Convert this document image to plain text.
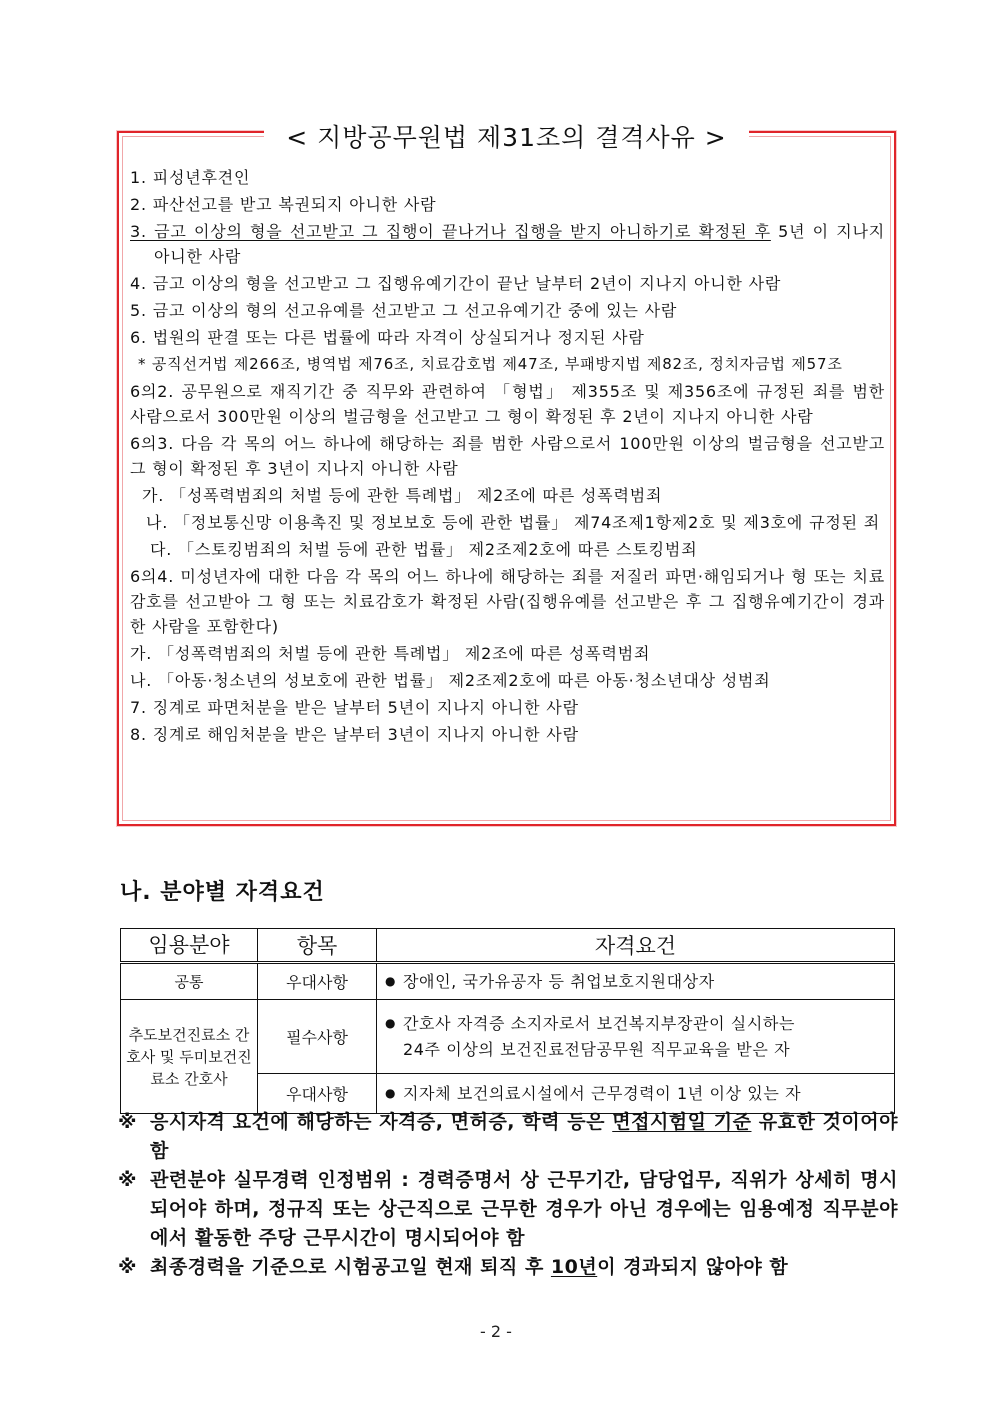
< 지방공무원법 제31조의 결격사유 >
1. 피성년후견인
2. 파산선고를 받고 복권되지 아니한 사람
3. 금고 이상의 형을 선고받고 그 집행이 끝나거나 집행을 받지 아니하기로 확정된 후 5년 이 지나지 아니한 사람
4. 금고 이상의 형을 선고받고 그 집행유예기간이 끝난 날부터 2년이 지나지 아니한 사람
5. 금고 이상의 형의 선고유예를 선고받고 그 선고유예기간 중에 있는 사람
6. 법원의 판결 또는 다른 법률에 따라 자격이 상실되거나 정지된 사람
* 공직선거법 제266조, 병역법 제76조, 치료감호법 제47조, 부패방지법 제82조, 정치자금법 제57조
6의2. 공무원으로 재직기간 중 직무와 관련하여 「형법」 제355조 및 제356조에 규정된 죄를 범한 사람으로서 300만원 이상의 벌금형을 선고받고 그 형이 확정된 후 2년이 지나지 아니한 사람
6의3. 다음 각 목의 어느 하나에 해당하는 죄를 범한 사람으로서 100만원 이상의 벌금형을 선고받고 그 형이 확정된 후 3년이 지나지 아니한 사람
가. 「성폭력범죄의 처벌 등에 관한 특례법」 제2조에 따른 성폭력범죄
나. 「정보통신망 이용촉진 및 정보보호 등에 관한 법률」 제74조제1항제2호 및 제3호에 규정된 죄
다. 「스토킹범죄의 처벌 등에 관한 법률」 제2조제2호에 따른 스토킹범죄
6의4. 미성년자에 대한 다음 각 목의 어느 하나에 해당하는 죄를 저질러 파면·해임되거나 형 또는 치료감호를 선고받아 그 형 또는 치료감호가 확정된 사람(집행유예를 선고받은 후 그 집행유예기간이 경과한 사람을 포함한다)
가. 「성폭력범죄의 처벌 등에 관한 특례법」 제2조에 따른 성폭력범죄
나. 「아동·청소년의 성보호에 관한 법률」 제2조제2호에 따른 아동·청소년대상 성범죄
7. 징계로 파면처분을 받은 날부터 5년이 지나지 아니한 사람
8. 징계로 해임처분을 받은 날부터 3년이 지나지 아니한 사람
나. 분야별 자격요건
임용분야	항목	자격요건
공통	우대사항	● 장애인, 국가유공자 등 취업보호지원대상자
추도보건진료소 간호사 및 두미보건진료소 간호사	필수사항	● 간호사 자격증 소지자로서 보건복지부장관이 실시하는
24주 이상의 보건진료전담공무원 직무교육을 받은 자

	우대사항	● 지자체 보건의료시설에서 근무경력이 1년 이상 있는 자
※ 응시자격 요건에 해당하는 자격증, 면허증, 학력 등은 면접시험일 기준 유효한 것이어야 함
※ 관련분야 실무경력 인정범위 : 경력증명서 상 근무기간, 담당업무, 직위가 상세히 명시 되어야 하며, 정규직 또는 상근직으로 근무한 경우가 아닌 경우에는 임용예정 직무분야에서 활동한 주당 근무시간이 명시되어야 함
※ 최종경력을 기준으로 시험공고일 현재 퇴직 후 10년이 경과되지 않아야 함
- 2 -
